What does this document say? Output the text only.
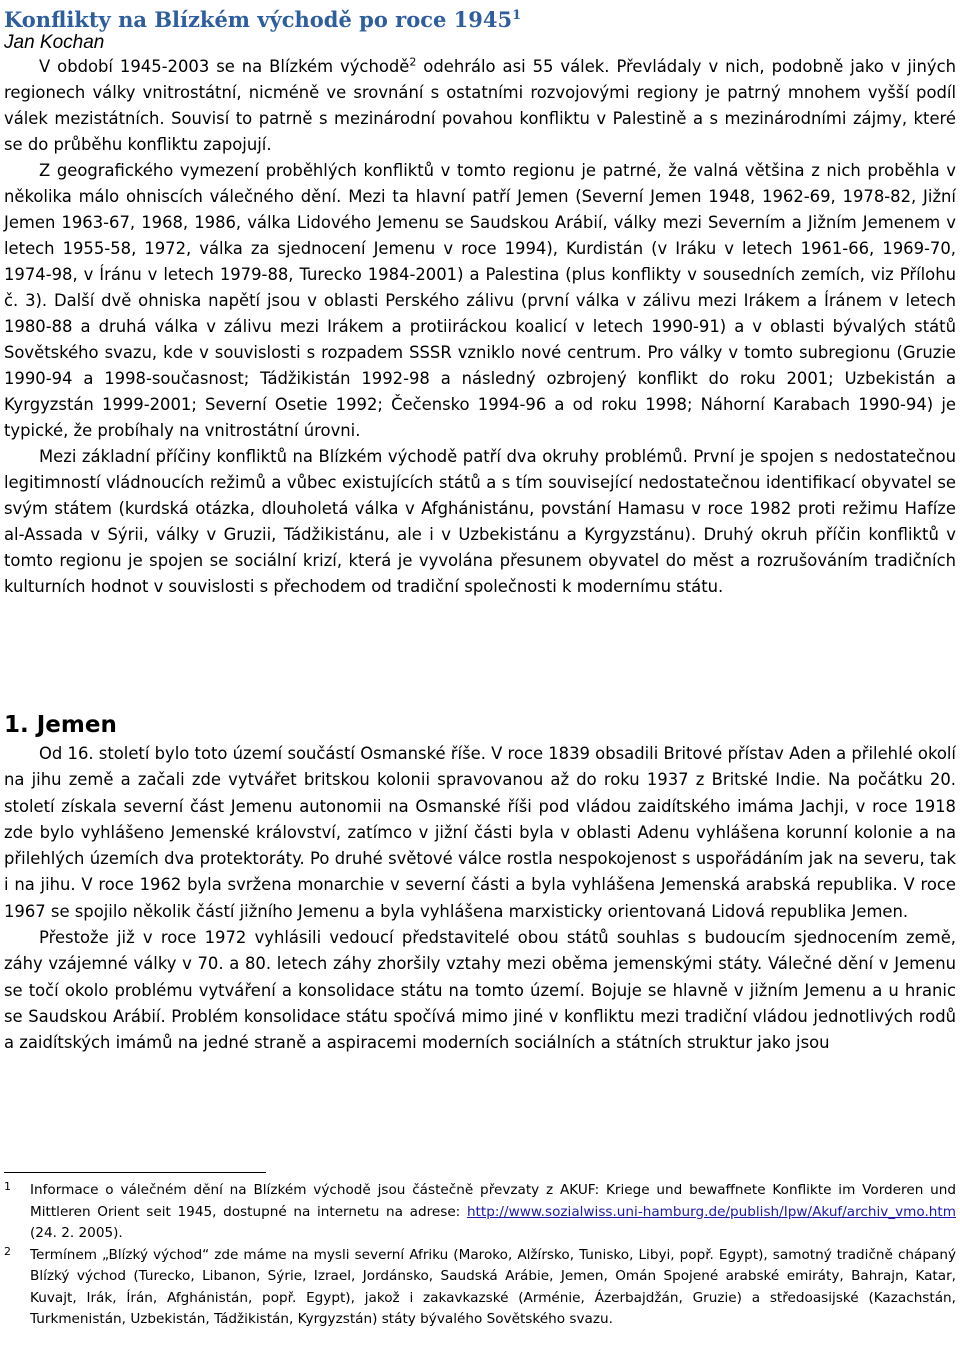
Konflikty na Blízkém východě po roce 1945$^1$
Jan Kochan

V období 1945-2003 se na Blízkém východě$^2$ odehrálo asi 55 válek. Převládaly v nich, podobně jako v jiných regionech války vnitrostátní, nicméně ve srovnání s ostatními rozvojovými regiony je patrný mnohem vyšší podíl válek mezistátních. Souvisí to patrně s mezinárodní povahou konfliktu v Palestině a s mezinárodními zájmy, které se do průběhu konfliktu zapojují.

Z geografického vymezení proběhlých konfliktů v tomto regionu je patrné, že valná většina z nich proběhla v několika málo ohniscích válečného dění. Mezi ta hlavní patří Jemen (Severní Jemen 1948, 1962-69, 1978-82, Jižní Jemen 1963-67, 1968, 1986, válka Lidového Jemenu se Saudskou Arábií, války mezi Severním a Jižním Jemenem v letech 1955-58, 1972, válka za sjednocení Jemenu v roce 1994), Kurdistán (v Iráku v letech 1961-66, 1969-70, 1974-98, v Íránu v letech 1979-88, Turecko 1984-2001) a Palestina (plus konflikty v sousedních zemích, viz Přílohu č. 3). Další dvě ohniska napětí jsou v oblasti Perského zálivu (první válka v zálivu mezi Irákem a Íránem v letech 1980-88 a druhá válka v zálivu mezi Irákem a protiiráckou koalicí v letech 1990-91) a v oblasti bývalých států Sovětského svazu, kde v souvislosti s rozpadem SSSR vzniklo nové centrum. Pro války v tomto subregionu (Gruzie 1990-94 a 1998-současnost; Tádžikistán 1992-98 a následný ozbrojený konflikt do roku 2001; Uzbekistán a Kyrgyzstán 1999-2001; Severní Osetie 1992; Čečensko 1994-96 a od roku 1998; Náhorní Karabach 1990-94) je typické, že probíhaly na vnitrostátní úrovni.

Mezi základní příčiny konfliktů na Blízkém východě patří dva okruhy problémů. První je spojen s nedostatečnou legitimností vládnoucích režimů a vůbec existujících států a s tím související nedostatečnou identifikací obyvatel se svým státem (kurdská otázka, dlouholetá válka v Afghánistánu, povstání Hamasu v roce 1982 proti režimu Hafíze al-Assada v Sýrii, války v Gruzii, Tádžikistánu, ale i v Uzbekistánu a Kyrgyzstánu). Druhý okruh příčin konfliktů v tomto regionu je spojen se sociální krizí, která je vyvolána přesunem obyvatel do měst a rozrušováním tradičních kulturních hodnot v souvislosti s přechodem od tradiční společnosti k modernímu státu.

1. Jemen

Od 16. století bylo toto území součástí Osmanské říše. V roce 1839 obsadili Britové přístav Aden a přilehlé okolí na jihu země a začali zde vytvářet britskou kolonii spravovanou až do roku 1937 z Britské Indie. Na počátku 20. století získala severní část Jemenu autonomii na Osmanské říši pod vládou zaidítského imáma Jachji, v roce 1918 zde bylo vyhlášeno Jemenské království, zatímco v jižní části byla v oblasti Adenu vyhlášena korunní kolonie a na přilehlých územích dva protektoráty. Po druhé světové válce rostla nespokojenost s uspořádáním jak na severu, tak i na jihu. V roce 1962 byla svržena monarchie v severní části a byla vyhlášena Jemenská arabská republika. V roce 1967 se spojilo několik částí jižního Jemenu a byla vyhlášena marxisticky orientovaná Lidová republika Jemen.

Přestože již v roce 1972 vyhlásili vedoucí představitelé obou států souhlas s budoucím sjednocením země, záhy vzájemné války v 70. a 80. letech záhy zhoršily vztahy mezi oběma jemenskými státy. Válečné dění v Jemenu se točí okolo problému vytváření a konsolidace státu na tomto území. Bojuje se hlavně v jižním Jemenu a u hranic se Saudskou Arábií. Problém konsolidace státu spočívá mimo jiné v konfliktu mezi tradiční vládou jednotlivých rodů a zaidítských imámů na jedné straně a aspiracemi moderních sociálních a státních struktur jako jsou

1 Informace o válečném dění na Blízkém východě jsou částečně převzaty z AKUF: Kriege und bewaffnete Konflikte im Vorderen und Mittleren Orient seit 1945, dostupné na internetu na adrese: http://www.sozialwiss.uni-hamburg.de/publish/Ipw/Akuf/archiv_vmo.htm (24. 2. 2005).
2 Termínem „Blízký východ“ zde máme na mysli severní Afriku (Maroko, Alžírsko, Tunisko, Libyi, popř. Egypt), samotný tradičně chápaný Blízký východ (Turecko, Libanon, Sýrie, Izrael, Jordánsko, Saudská Arábie, Jemen, Omán Spojené arabské emiráty, Bahrajn, Katar, Kuvajt, Irák, Írán, Afghánistán, popř. Egypt), jakož i zakavkazské (Arménie, Ázerbajdžán, Gruzie) a středoasijské (Kazachstán, Turkmenistán, Uzbekistán, Tádžikistán, Kyrgyzstán) státy bývalého Sovětského svazu.
